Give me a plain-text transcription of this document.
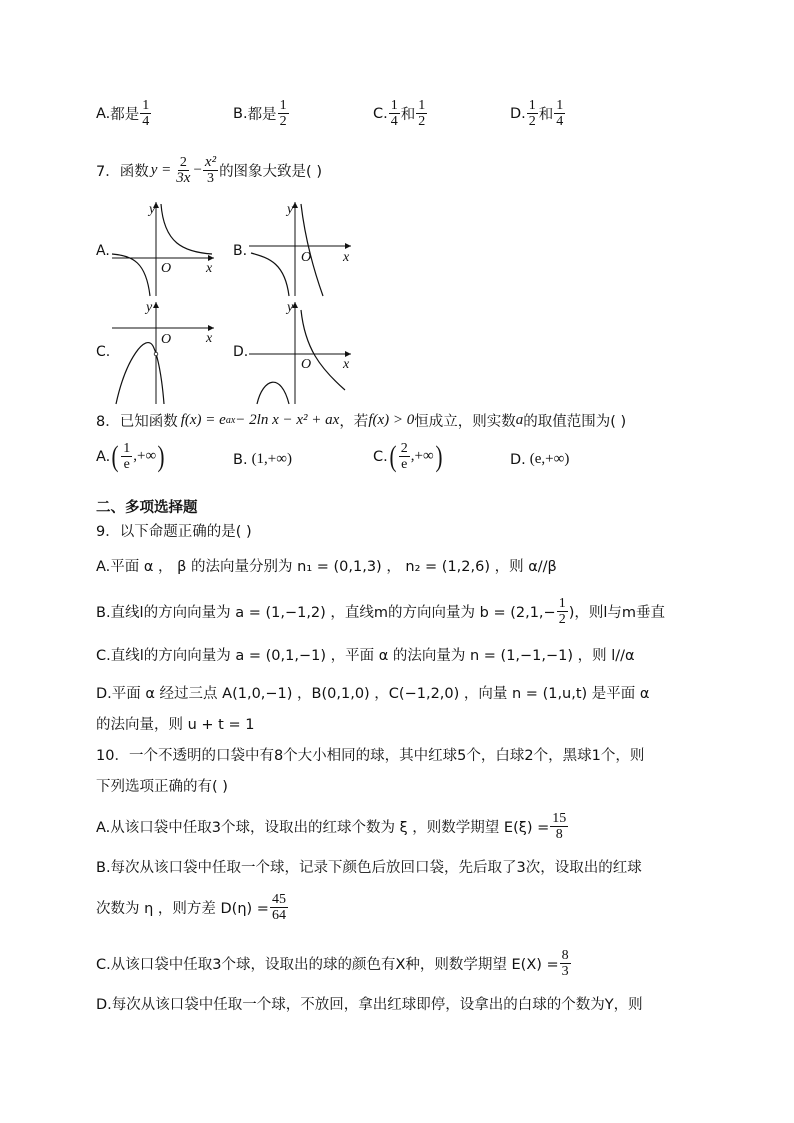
A. 都是 $\frac{1}{4}$	B. 都是 $\frac{1}{2}$	C. $\frac{1}{4}$ 和 $\frac{1}{2}$	D. $\frac{1}{2}$ 和 $\frac{1}{4}$
7． 函数 $y = \frac{2}{3x} - \frac{\text{x²}}{3}$ 的图象大致是( )
A.	B.
C.	D.
y
x
O
y
x
O
y
x
O
y
x
O
8．已知函数 f(x) = e ax − 2ln x − x² + ax ，若 f(x) > 0 恒成立，则实数 a 的取值范围为( )
A. ( $\frac{1}{e}$ ,+∞ )	B. (1,+∞)	C. ( $\frac{2}{e}$ ,+∞ )	D. (e,+∞)
二、多项选择题
9．以下命题正确的是( )
A.平面 α ， β 的法向量分别为 n₁ = (0,1,3) ， n₂ = (1,2,6) ，则 α//β
B.直线l的方向向量为 a = (1,−1,2) ，直线m的方向向量为 $b = (2,1,- \frac{1}{2}$ )，则l与m垂直
C.直线l的方向向量为 a = (0,1,−1) ，平面 α 的法向量为 n = (1,−1,−1) ，则 l//α
D.平面 α 经过三点 A(1,0,−1) ，B(0,1,0) ，C(−1,2,0) ，向量 n = (1,u,t) 是平面 α
的法向量，则 u + t = 1
10．一个不透明的口袋中有8个大小相同的球，其中红球5个，白球2个，黑球1个，则
下列选项正确的有( )
A.从该口袋中任取3个球，设取出的红球个数为 ξ ，则数学期望 $E(\xi) = \frac{15}{8}$
B.每次从该口袋中任取一个球，记录下颜色后放回口袋，先后取了3次，设取出的红球
次数为 η ，则方差 $D(\eta) = \frac{45}{64}$
C.从该口袋中任取3个球，设取出的球的颜色有X种，则数学期望 $E(X) = \frac{8}{3}$
D.每次从该口袋中任取一个球，不放回，拿出红球即停，设拿出的白球的个数为Y，则
